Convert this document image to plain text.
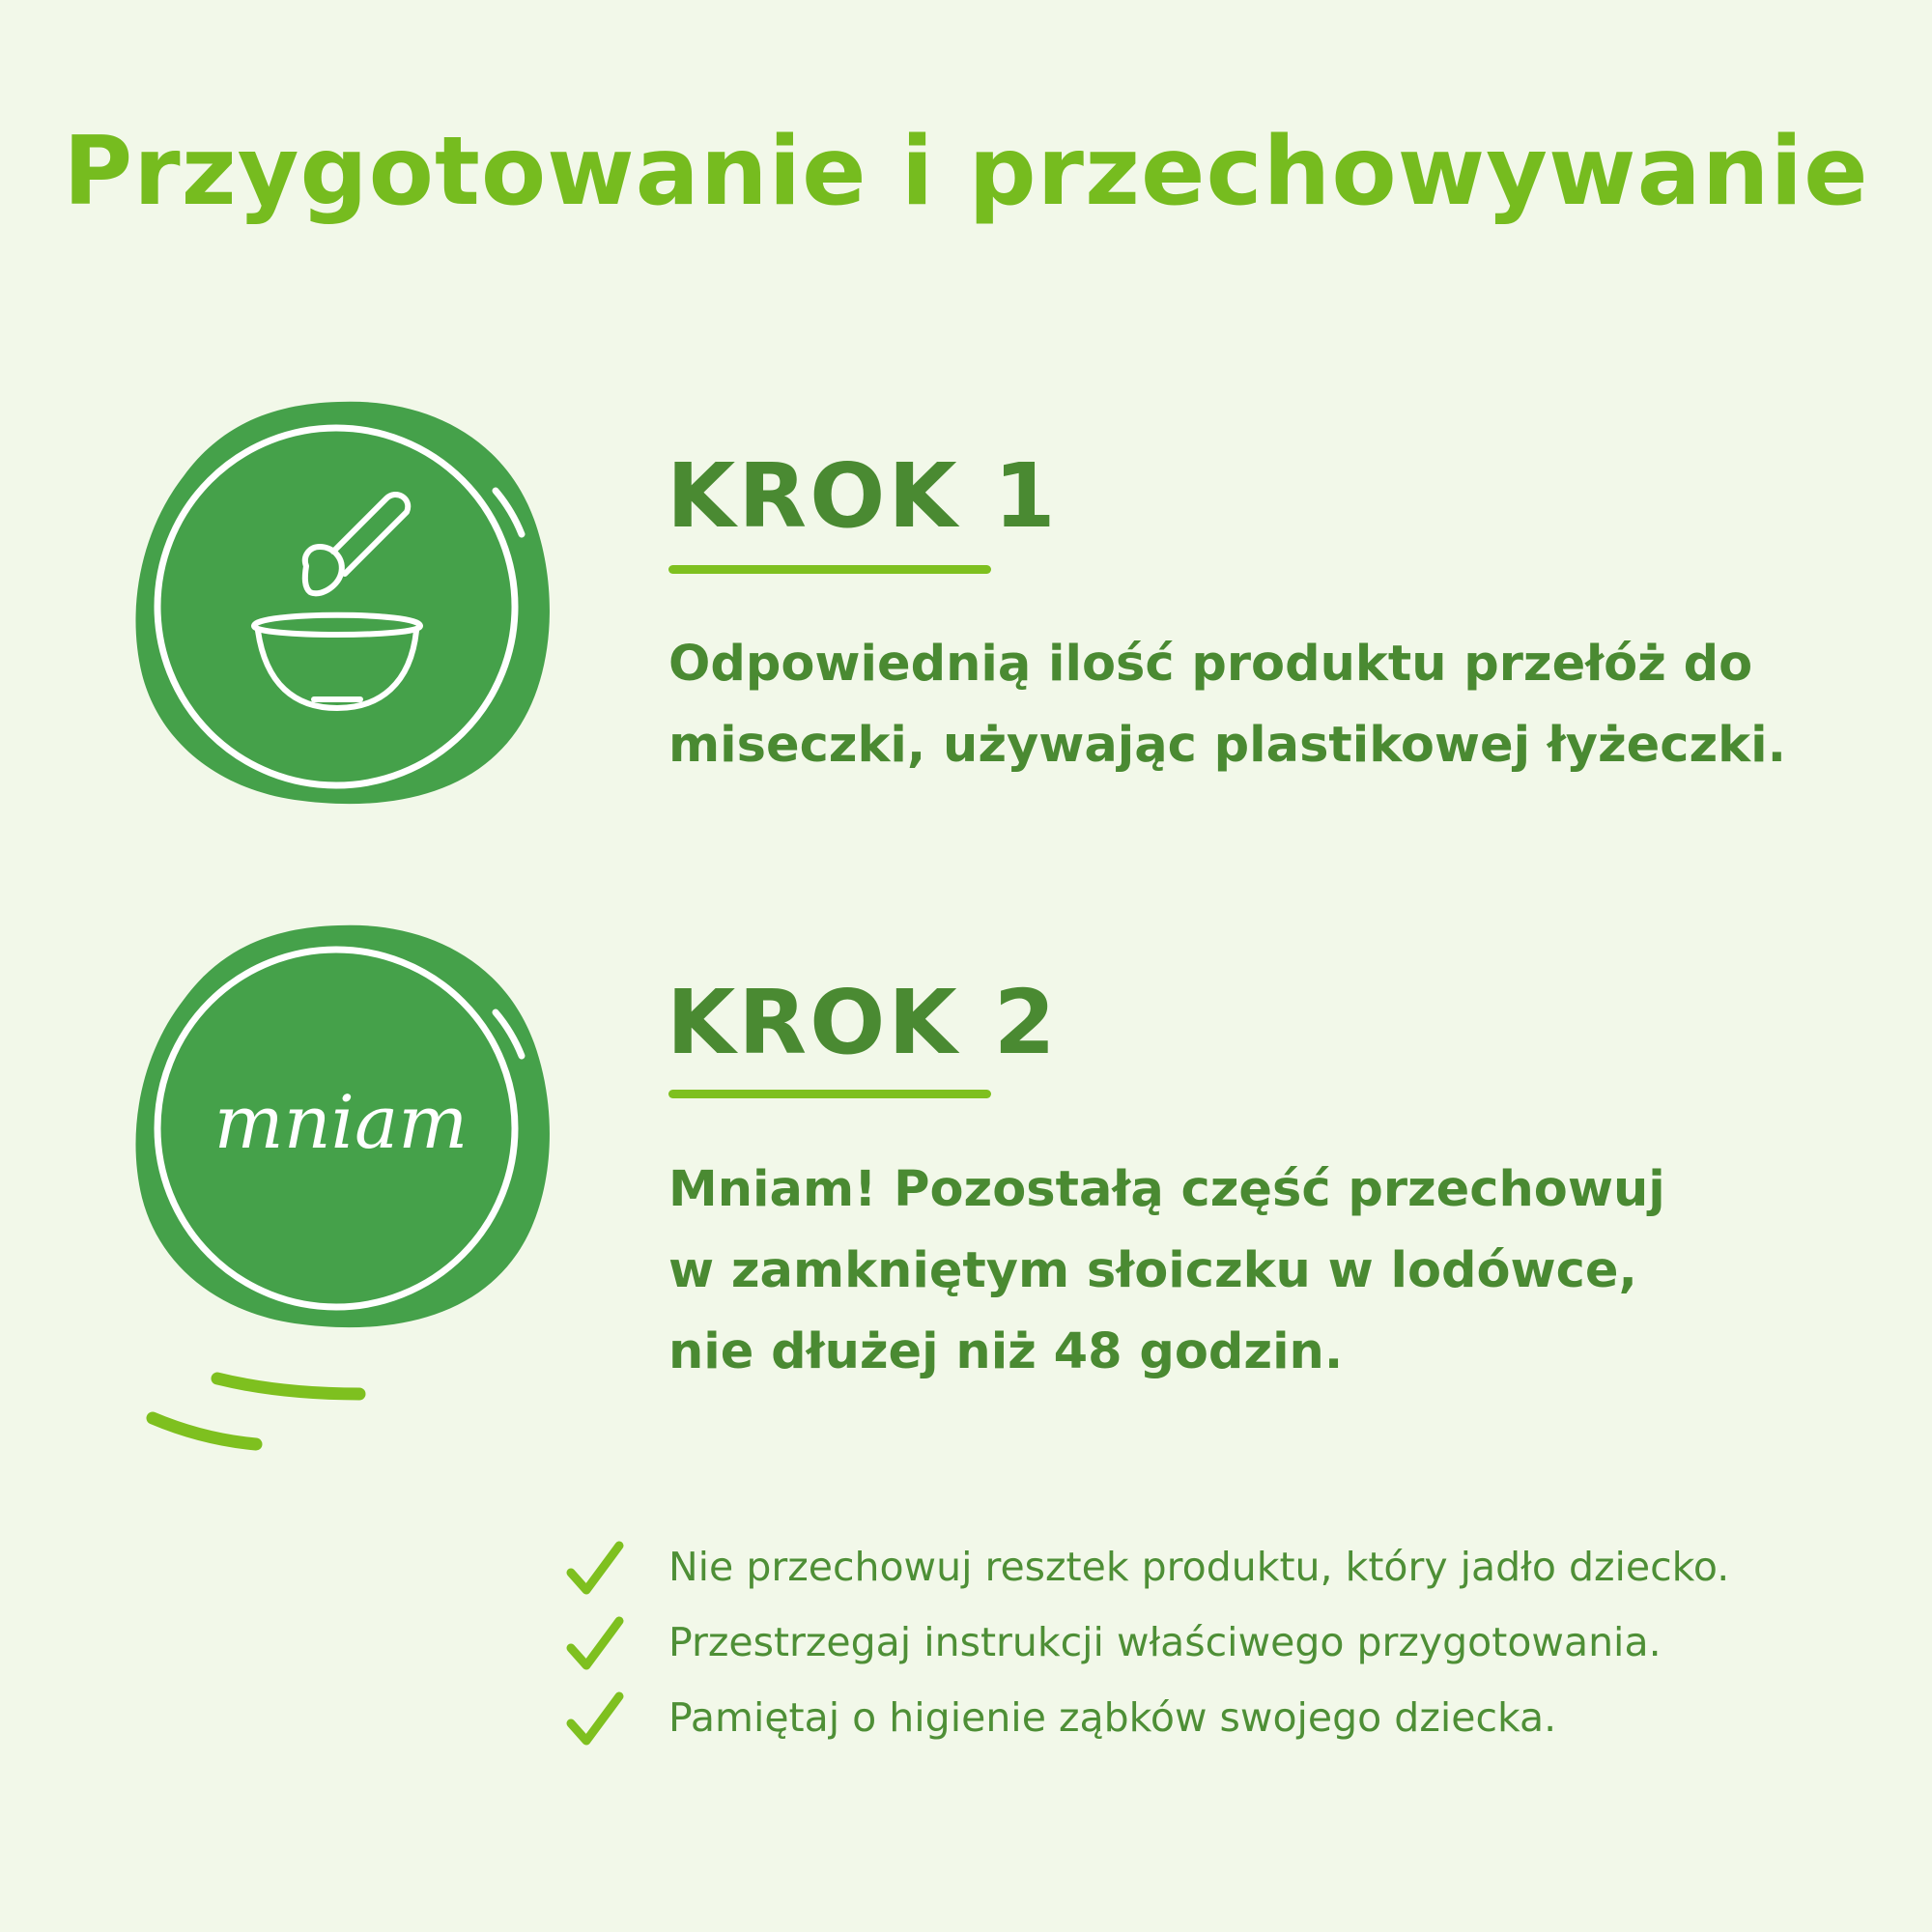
Przygotowanie i przechowywanie
KROK 1
Odpowiednią ilość produktu przełóż do
miseczki, używając plastikowej łyżeczki.
mniam
KROK 2
Mniam! Pozostałą część przechowuj
w zamkniętym słoiczku w lodówce,
nie dłużej niż 48 godzin.
Nie przechowuj resztek produktu, który jadło dziecko.
Przestrzegaj instrukcji właściwego przygotowania.
Pamiętaj o higienie ząbków swojego dziecka.
